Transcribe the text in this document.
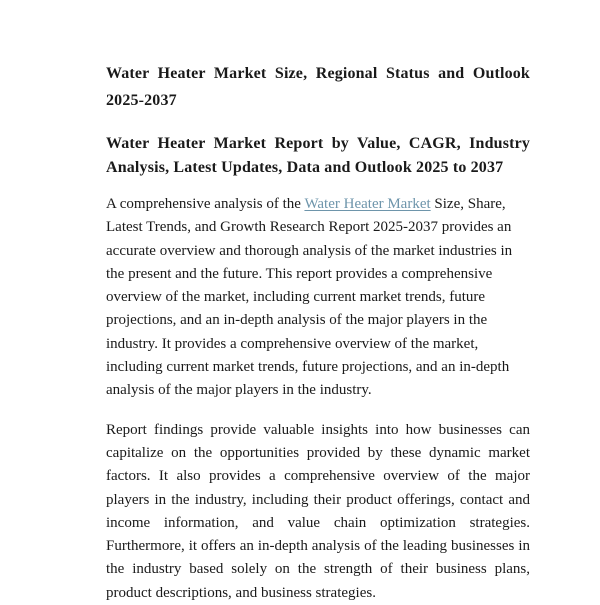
Water Heater Market Size, Regional Status and Outlook 2025-2037
Water Heater Market Report by Value, CAGR, Industry Analysis, Latest Updates, Data and Outlook 2025 to 2037

A comprehensive analysis of the Water Heater Market Size, Share, Latest Trends, and Growth Research Report 2025-2037 provides an accurate overview and thorough analysis of the market industries in the present and the future. This report provides a comprehensive overview of the market, including current market trends, future projections, and an in-depth analysis of the major players in the industry. It provides a comprehensive overview of the market, including current market trends, future projections, and an in-depth analysis of the major players in the industry.

Report findings provide valuable insights into how businesses can capitalize on the opportunities provided by these dynamic market factors. It also provides a comprehensive overview of the major players in the industry, including their product offerings, contact and income information, and value chain optimization strategies. Furthermore, it offers an in-depth analysis of the leading businesses in the industry based solely on the strength of their business plans, product descriptions, and business strategies.
